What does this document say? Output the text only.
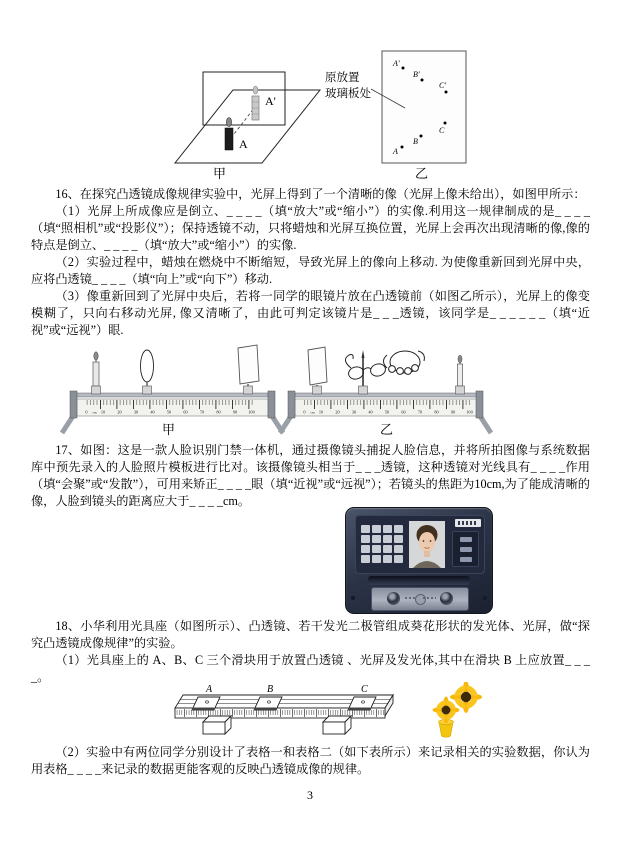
A
A'
甲
A'
B'
C'
C
B
A
原放置
玻璃板处
乙

16、在探究凸透镜成像规律实验中，光屏上得到了一个清晰的像（光屏上像未给出），如图甲所示：

（1）光屏上所成像应是倒立、_ _ _ _（填“放大”或“缩小”）的实像.利用这一规律制成的是_ _ _ _（填“照相机”或“投影仪”）；保持透镜不动，只将蜡烛和光屏互换位置，光屏上会再次出现清晰的像,像的特点是倒立、_ _ _ _（填“放大”或“缩小”）的实像.

（2）实验过程中，蜡烛在燃烧中不断缩短，导致光屏上的像向上移动. 为使像重新回到光屏中央，应将凸透镜_ _ _ _（填“向上”或“向下”）移动.

（3）像重新回到了光屏中央后，若将一同学的眼镜片放在凸透镜前（如图乙所示），光屏上的像变模糊了，只向右移动光屏, 像又清晰了，由此可判定该镜片是_ _ _透镜，该同学是_ _ _ _ _ _（填“近视”或“远视”）眼.

0 cm 10	20	30	40	50	60	70	80	90	100
甲
0 cm 10	20	30	40	50	60	70	80	90	100
乙

17、如图：这是一款人脸识别门禁一体机，通过摄像镜头捕捉人脸信息，并将所拍图像与系统数据库中预先录入的人脸照片模板进行比对。该摄像镜头相当于_ _ _透镜，这种透镜对光线具有_ _ _ _作用（填“会聚”或“发散”），可用来矫正_ _ _ _眼（填“近视”或“远视”）；若镜头的焦距为10cm,为了能成清晰的像，人脸到镜头的距离应大于_ _ _ _cm。

18、小华利用光具座（如图所示）、凸透镜、若干发光二极管组成葵花形状的发光体、光屏，做“探究凸透镜成像规律”的实验。

（1）光具座上的 A、B、C 三个滑块用于放置凸透镜 、光屏及发光体,其中在滑块 B 上应放置_ _ _ _。

A	B	C

（2）实验中有两位同学分别设计了表格一和表格二（如下表所示）来记录相关的实验数据，你认为用表格_ _ _ _来记录的数据更能客观的反映凸透镜成像的规律。

3
